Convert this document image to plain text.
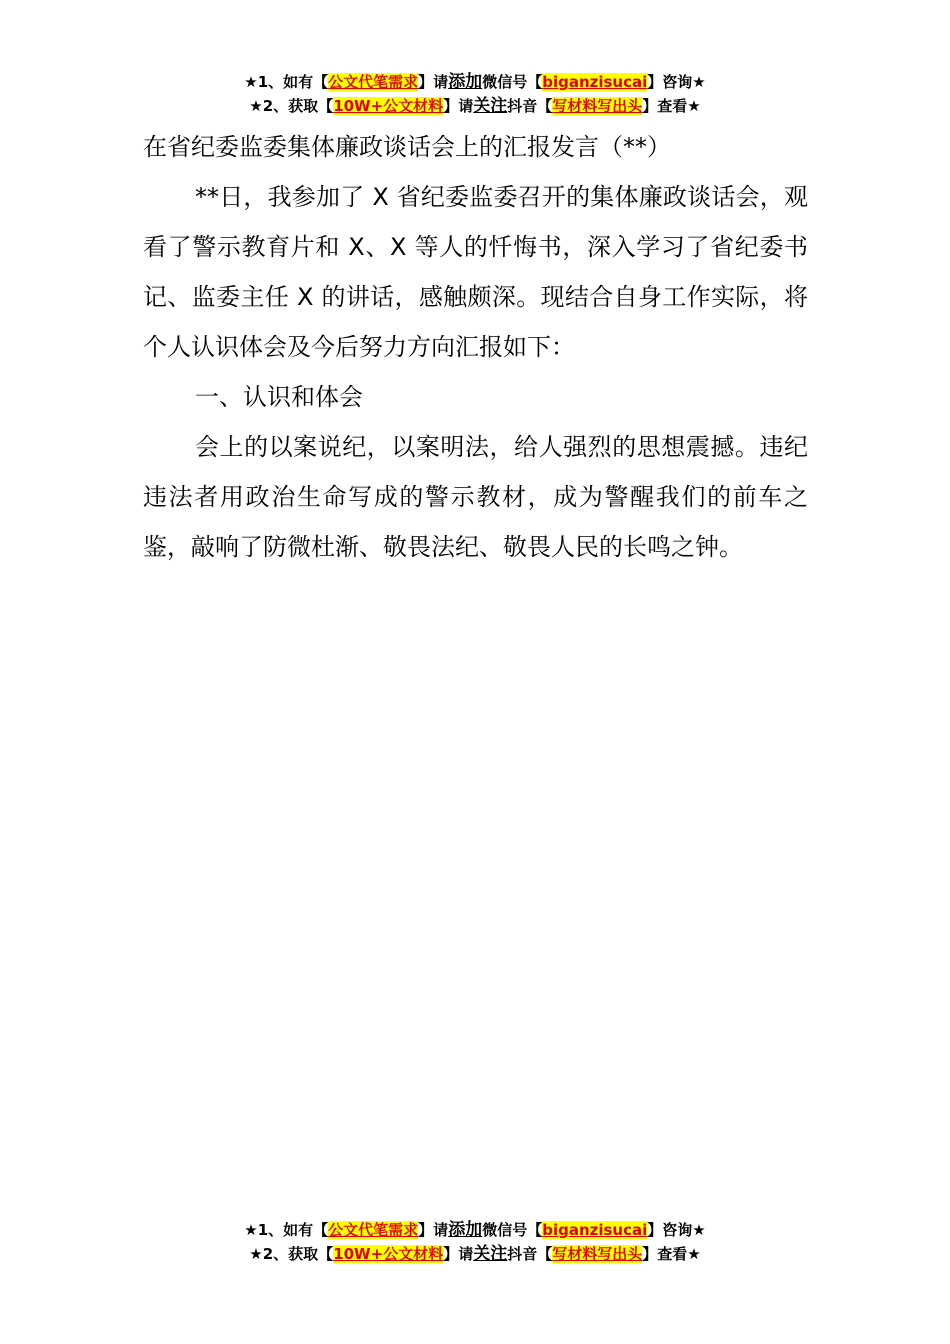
★1、如有【公文代笔需求】请添加微信号【biganzisucai】咨询★
★2、获取【10W+公文材料】请关注抖音【写材料写出头】查看★

在省纪委监委集体廉政谈话会上的汇报发言（**）

**日，我参加了 X 省纪委监委召开的集体廉政谈话会，观看了警示教育片和 X、X 等人的忏悔书，深入学习了省纪委书记、监委主任 X 的讲话，感触颇深。现结合自身工作实际，将个人认识体会及今后努力方向汇报如下：

一、认识和体会

会上的以案说纪，以案明法，给人强烈的思想震撼。违纪违法者用政治生命写成的警示教材，成为警醒我们的前车之鉴，敲响了防微杜渐、敬畏法纪、敬畏人民的长鸣之钟。

★1、如有【公文代笔需求】请添加微信号【biganzisucai】咨询★
★2、获取【10W+公文材料】请关注抖音【写材料写出头】查看★
